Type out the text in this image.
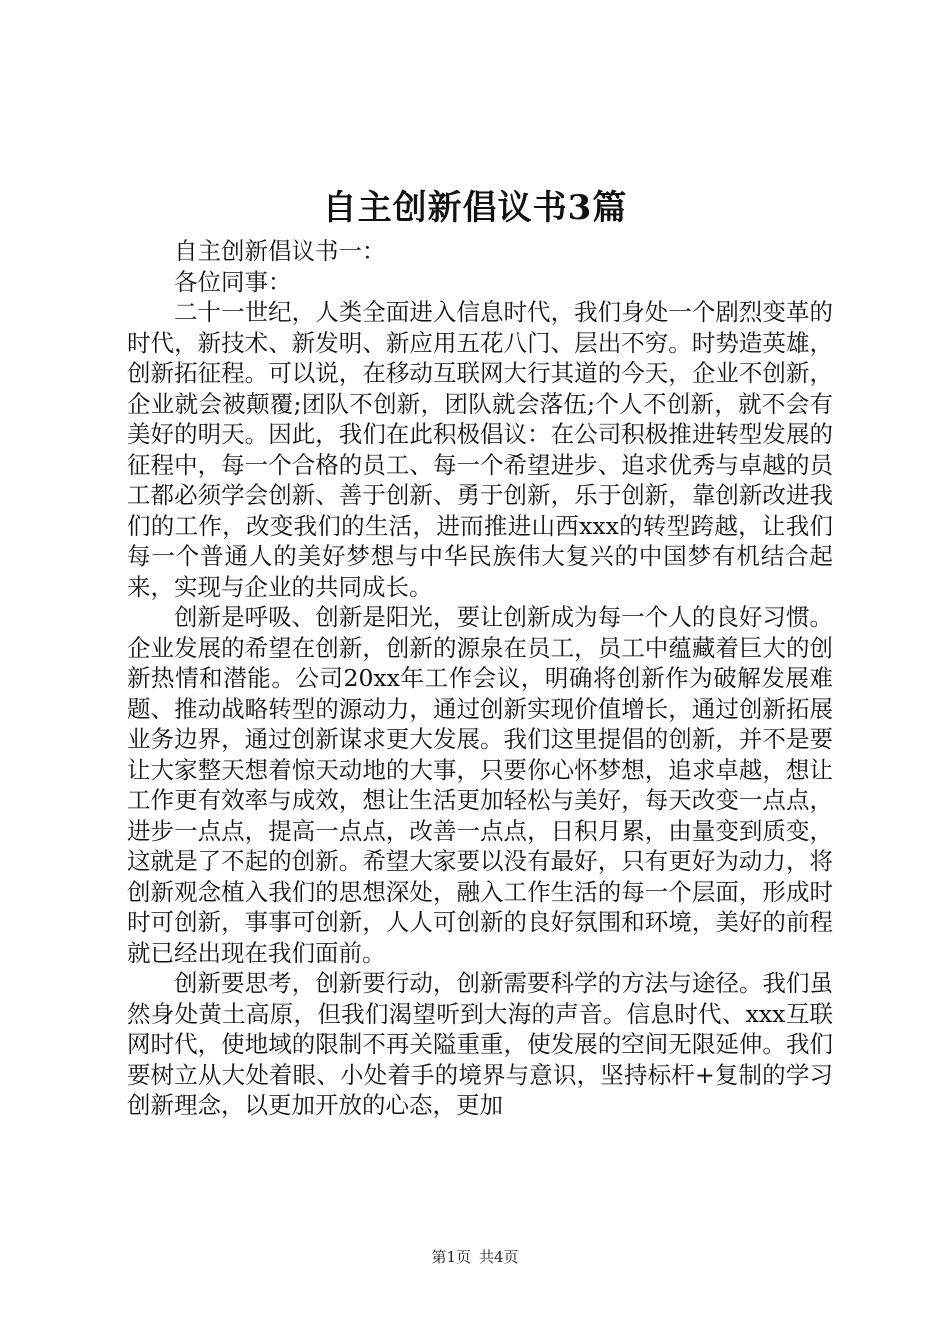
自主创新倡议书3篇

自主创新倡议书一：

各位同事：

二十一世纪，人类全面进入信息时代，我们身处一个剧烈变革的时代，新技术、新发明、新应用五花八门、层出不穷。时势造英雄，创新拓征程。可以说，在移动互联网大行其道的今天，企业不创新，企业就会被颠覆;团队不创新，团队就会落伍;个人不创新，就不会有美好的明天。因此，我们在此积极倡议：在公司积极推进转型发展的征程中，每一个合格的员工、每一个希望进步、追求优秀与卓越的员工都必须学会创新、善于创新、勇于创新，乐于创新，靠创新改进我们的工作，改变我们的生活，进而推进山西xxx的转型跨越，让我们每一个普通人的美好梦想与中华民族伟大复兴的中国梦有机结合起来，实现与企业的共同成长。

创新是呼吸、创新是阳光，要让创新成为每一个人的良好习惯。企业发展的希望在创新，创新的源泉在员工，员工中蕴藏着巨大的创新热情和潜能。公司20xx年工作会议，明确将创新作为破解发展难题、推动战略转型的源动力，通过创新实现价值增长，通过创新拓展业务边界，通过创新谋求更大发展。我们这里提倡的创新，并不是要让大家整天想着惊天动地的大事，只要你心怀梦想，追求卓越，想让工作更有效率与成效，想让生活更加轻松与美好，每天改变一点点，进步一点点，提高一点点，改善一点点，日积月累，由量变到质变，这就是了不起的创新。希望大家要以没有最好，只有更好为动力，将创新观念植入我们的思想深处，融入工作生活的每一个层面，形成时时可创新，事事可创新，人人可创新的良好氛围和环境，美好的前程就已经出现在我们面前。

创新要思考，创新要行动，创新需要科学的方法与途径。我们虽然身处黄土高原，但我们渴望听到大海的声音。信息时代、xxx互联网时代，使地域的限制不再关隘重重，使发展的空间无限延伸。我们要树立从大处着眼、小处着手的境界与意识，坚持标杆+复制的学习创新理念，以更加开放的心态，更加

第1页 共4页
